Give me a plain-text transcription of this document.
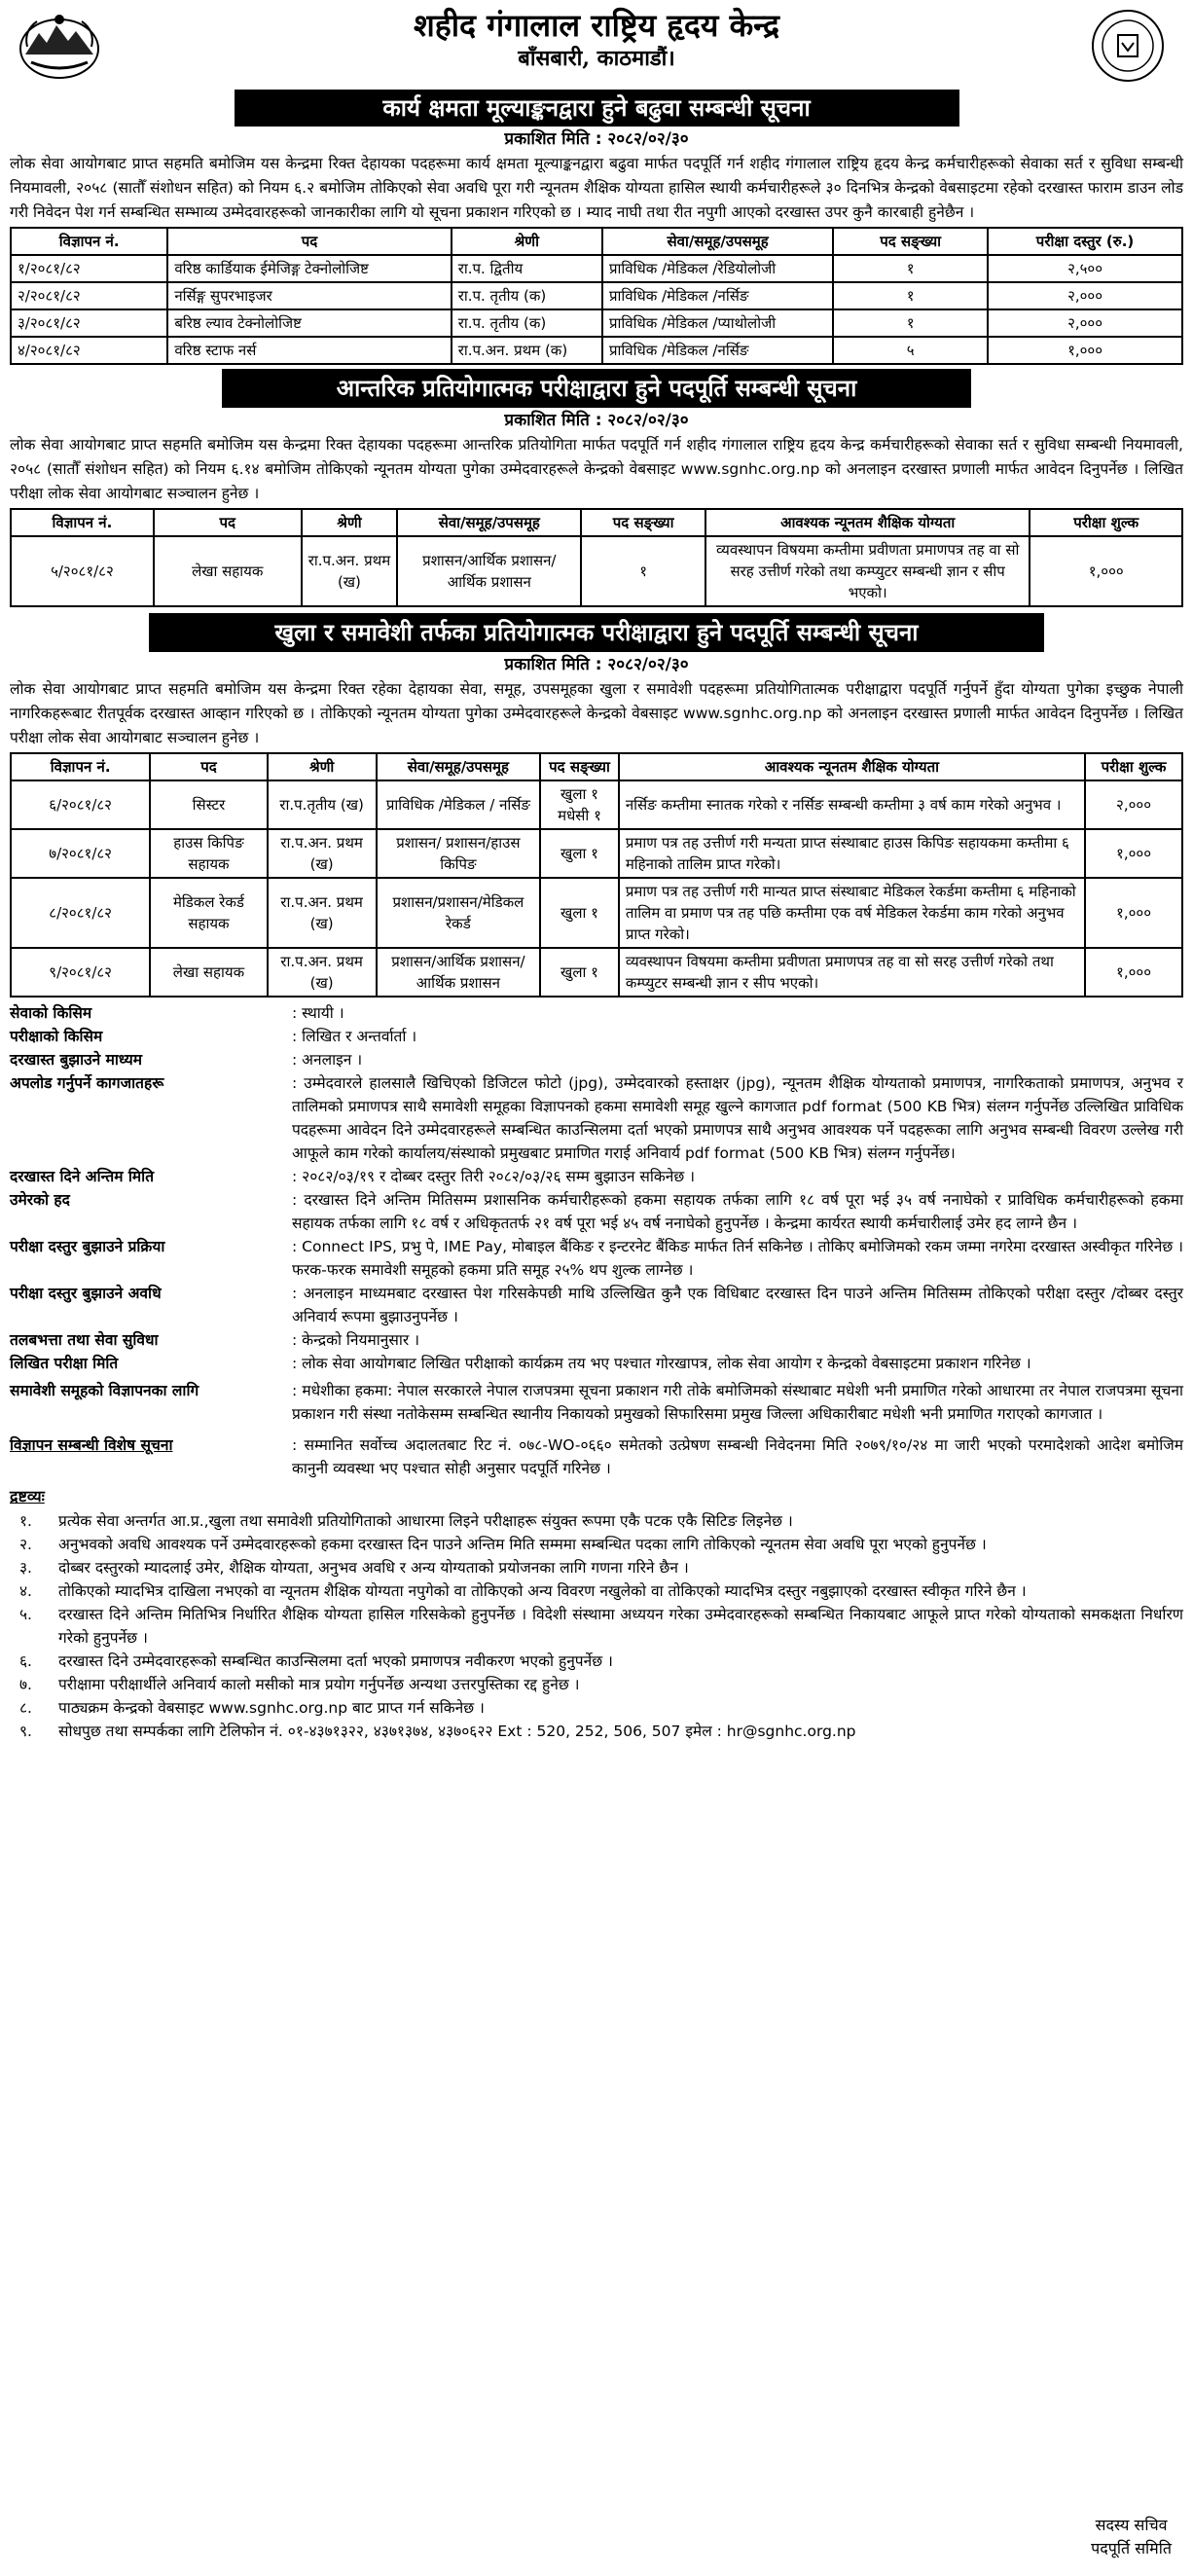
शहीद गंगालाल राष्ट्रिय हृदय केन्द्र
बाँसबारी, काठमाडौं।
कार्य क्षमता मूल्याङ्कनद्वारा हुने बढुवा सम्बन्धी सूचना
प्रकाशित मिति : २०८२/०२/३०
लोक सेवा आयोगबाट प्राप्त सहमति बमोजिम यस केन्द्रमा रिक्त देहायका पदहरूमा कार्य क्षमता मूल्याङ्कनद्वारा बढुवा मार्फत पदपूर्ति गर्न शहीद गंगालाल राष्ट्रिय हृदय केन्द्र कर्मचारीहरूको सेवाका सर्त र सुविधा सम्बन्धी नियमावली, २०५८ (सातौँ संशोधन सहित) को नियम ६.२ बमोजिम तोकिएको सेवा अवधि पूरा गरी न्यूनतम शैक्षिक योग्यता हासिल स्थायी कर्मचारीहरूले ३० दिनभित्र केन्द्रको वेबसाइटमा रहेको दरखास्त फाराम डाउन लोड गरी निवेदन पेश गर्न सम्बन्धित सम्भाव्य उम्मेदवारहरूको जानकारीका लागि यो सूचना प्रकाशन गरिएको छ । म्याद नाघी तथा रीत नपुगी आएको दरखास्त उपर कुनै कारबाही हुनेछैन ।
विज्ञापन नं.	पद	श्रेणी	सेवा/समूह/उपसमूह	पद सङ्ख्या	परीक्षा दस्तुर (रु.)
१/२०८१/८२	वरिष्ठ कार्डियाक ईमेजिङ्ग टेक्नोलोजिष्ट	रा.प. द्वितीय	प्राविधिक /मेडिकल /रेडियोलोजी	१	२,५००
२/२०८१/८२	नर्सिङ्ग सुपरभाइजर	रा.प. तृतीय (क)	प्राविधिक /मेडिकल /नर्सिङ	१	२,०००
३/२०८१/८२	बरिष्ठ ल्याव टेक्नोलोजिष्ट	रा.प. तृतीय (क)	प्राविधिक /मेडिकल /प्याथोलोजी	१	२,०००
४/२०८१/८२	वरिष्ठ स्टाफ नर्स	रा.प.अन. प्रथम (क)	प्राविधिक /मेडिकल /नर्सिङ	५	१,०००
आन्तरिक प्रतियोगात्मक परीक्षाद्वारा हुने पदपूर्ति सम्बन्धी सूचना
प्रकाशित मिति : २०८२/०२/३०
लोक सेवा आयोगबाट प्राप्त सहमति बमोजिम यस केन्द्रमा रिक्त देहायका पदहरूमा आन्तरिक प्रतियोगिता मार्फत पदपूर्ति गर्न शहीद गंगालाल राष्ट्रिय हृदय केन्द्र कर्मचारीहरूको सेवाका सर्त र सुविधा सम्बन्धी नियमावली, २०५८ (सातौँ संशोधन सहित) को नियम ६.१४ बमोजिम तोकिएको न्यूनतम योग्यता पुगेका उम्मेदवारहरूले केन्द्रको वेबसाइट www.sgnhc.org.np को अनलाइन दरखास्त प्रणाली मार्फत आवेदन दिनुपर्नेछ । लिखित परीक्षा लोक सेवा आयोगबाट सञ्चालन हुनेछ ।
विज्ञापन नं.	पद	श्रेणी	सेवा/समूह/उपसमूह	पद सङ्ख्या	आवश्यक न्यूनतम शैक्षिक योग्यता	परीक्षा शुल्क
५/२०८१/८२	लेखा सहायक	रा.प.अन. प्रथम (ख)	प्रशासन/आर्थिक प्रशासन/ आर्थिक प्रशासन	१	व्यवस्थापन विषयमा कम्तीमा प्रवीणता प्रमाणपत्र तह वा सो सरह उत्तीर्ण गरेको तथा कम्प्युटर सम्बन्धी ज्ञान र सीप भएको।	१,०००
खुला र समावेशी तर्फका प्रतियोगात्मक परीक्षाद्वारा हुने पदपूर्ति सम्बन्धी सूचना
प्रकाशित मिति : २०८२/०२/३०
लोक सेवा आयोगबाट प्राप्त सहमति बमोजिम यस केन्द्रमा रिक्त रहेका देहायका सेवा, समूह, उपसमूहका खुला र समावेशी पदहरूमा प्रतियोगितात्मक परीक्षाद्वारा पदपूर्ति गर्नुपर्ने हुँदा योग्यता पुगेका इच्छुक नेपाली नागरिकहरूबाट रीतपूर्वक दरखास्त आव्हान गरिएको छ । तोकिएको न्यूनतम योग्यता पुगेका उम्मेदवारहरूले केन्द्रको वेबसाइट www.sgnhc.org.np को अनलाइन दरखास्त प्रणाली मार्फत आवेदन दिनुपर्नेछ । लिखित परीक्षा लोक सेवा आयोगबाट सञ्चालन हुनेछ ।
विज्ञापन नं.	पद	श्रेणी	सेवा/समूह/उपसमूह	पद सङ्ख्या	आवश्यक न्यूनतम शैक्षिक योग्यता	परीक्षा शुल्क
६/२०८१/८२	सिस्टर	रा.प.तृतीय (ख)	प्राविधिक /मेडिकल / नर्सिङ	खुला १ मधेसी १	नर्सिङ कम्तीमा स्नातक गरेको र नर्सिङ सम्बन्धी कम्तीमा ३ वर्ष काम गरेको अनुभव ।	२,०००
७/२०८१/८२	हाउस किपिङ सहायक	रा.प.अन. प्रथम (ख)	प्रशासन/ प्रशासन/हाउस किपिङ	खुला १	प्रमाण पत्र तह उत्तीर्ण गरी मन्यता प्राप्त संस्थाबाट हाउस किपिङ सहायकमा कम्तीमा ६ महिनाको तालिम प्राप्त गरेको।	१,०००
८/२०८१/८२	मेडिकल रेकर्ड सहायक	रा.प.अन. प्रथम (ख)	प्रशासन/प्रशासन/मेडिकल रेकर्ड	खुला १	प्रमाण पत्र तह उत्तीर्ण गरी मान्यत प्राप्त संस्थाबाट मेडिकल रेकर्डमा कम्तीमा ६ महिनाको तालिम वा प्रमाण पत्र तह पछि कम्तीमा एक वर्ष मेडिकल रेकर्डमा काम गरेको अनुभव प्राप्त गरेको।	१,०००
९/२०८१/८२	लेखा सहायक	रा.प.अन. प्रथम (ख)	प्रशासन/आर्थिक प्रशासन/ आर्थिक प्रशासन	खुला १	व्यवस्थापन विषयमा कम्तीमा प्रवीणता प्रमाणपत्र तह वा सो सरह उत्तीर्ण गरेको तथा कम्प्युटर सम्बन्धी ज्ञान र सीप भएको।	१,०००
सेवाको किसिम	: स्थायी ।
परीक्षाको किसिम	: लिखित र अन्तर्वार्ता ।
दरखास्त बुझाउने माध्यम	: अनलाइन ।
अपलोड गर्नुपर्ने कागजातहरू	: उम्मेदवारले हालसालै खिचिएको डिजिटल फोटो (jpg), उम्मेदवारको हस्ताक्षर (jpg), न्यूनतम शैक्षिक योग्यताको प्रमाणपत्र, नागरिकताको प्रमाणपत्र, अनुभव र तालिमको प्रमाणपत्र साथै समावेशी समूहका विज्ञापनको हकमा समावेशी समूह खुल्ने कागजात pdf format (500 KB भित्र) संलग्न गर्नुपर्नेछ उल्लिखित प्राविधिक पदहरूमा आवेदन दिने उम्मेदवारहरूले सम्बन्धित काउन्सिलमा दर्ता भएको प्रमाणपत्र साथै अनुभव आवश्यक पर्ने पदहरूका लागि अनुभव सम्बन्धी विवरण उल्लेख गरी आफूले काम गरेको कार्यालय/संस्थाको प्रमुखबाट प्रमाणित गराई अनिवार्य pdf format (500 KB भित्र) संलग्न गर्नुपर्नेछ।
दरखास्त दिने अन्तिम मिति	: २०८२/०३/१९ र दोब्बर दस्तुर तिरी २०८२/०३/२६ सम्म बुझाउन सकिनेछ ।
उमेरको हद	: दरखास्त दिने अन्तिम मितिसम्म प्रशासनिक कर्मचारीहरूको हकमा सहायक तर्फका लागि १८ वर्ष पूरा भई ३५ वर्ष ननाघेको र प्राविधिक कर्मचारीहरूको हकमा सहायक तर्फका लागि १८ वर्ष र अधिकृततर्फ २१ वर्ष पूरा भई ४५ वर्ष ननाघेको हुनुपर्नेछ । केन्द्रमा कार्यरत स्थायी कर्मचारीलाई उमेर हद लाग्ने छैन ।
परीक्षा दस्तुर बुझाउने प्रक्रिया	: Connect IPS, प्रभु पे, IME Pay, मोबाइल बैंकिङ र इन्टरनेट बैंकिङ मार्फत तिर्न सकिनेछ । तोकिए बमोजिमको रकम जम्मा नगरेमा दरखास्त अस्वीकृत गरिनेछ । फरक-फरक समावेशी समूहको हकमा प्रति समूह २५% थप शुल्क लाग्नेछ ।
परीक्षा दस्तुर बुझाउने अवधि	: अनलाइन माध्यमबाट दरखास्त पेश गरिसकेपछी माथि उल्लिखित कुनै एक विधिबाट दरखास्त दिन पाउने अन्तिम मितिसम्म तोकिएको परीक्षा दस्तुर /दोब्बर दस्तुर अनिवार्य रूपमा बुझाउनुपर्नेछ ।
तलबभत्ता तथा सेवा सुविधा	: केन्द्रको नियमानुसार ।
लिखित परीक्षा मिति	: लोक सेवा आयोगबाट लिखित परीक्षाको कार्यक्रम तय भए पश्चात गोरखापत्र, लोक सेवा आयोग र केन्द्रको वेबसाइटमा प्रकाशन गरिनेछ ।
समावेशी समूहको विज्ञापनका लागि	: मधेशीका हकमा: नेपाल सरकारले नेपाल राजपत्रमा सूचना प्रकाशन गरी तोके बमोजिमको संस्थाबाट मधेशी भनी प्रमाणित गरेको आधारमा तर नेपाल राजपत्रमा सूचना प्रकाशन गरी संस्था नतोकेसम्म सम्बन्धित स्थानीय निकायको प्रमुखको सिफारिसमा प्रमुख जिल्ला अधिकारीबाट मधेशी भनी प्रमाणित गराएको कागजात ।
विज्ञापन सम्बन्धी विशेष सूचना	: सम्मानित सर्वोच्च अदालतबाट रिट नं. ०७८-WO-०६६० समेतको उत्प्रेषण सम्बन्धी निवेदनमा मिति २०७९/१०/२४ मा जारी भएको परमादेशको आदेश बमोजिम कानुनी व्यवस्था भए पश्चात सोही अनुसार पदपूर्ति गरिनेछ ।
द्रष्टव्यः
१.	प्रत्येक सेवा अन्तर्गत आ.प्र.,खुला तथा समावेशी प्रतियोगिताको आधारमा लिइने परीक्षाहरू संयुक्त रूपमा एकै पटक एकै सिटिङ लिइनेछ ।
२.	अनुभवको अवधि आवश्यक पर्ने उम्मेदवारहरूको हकमा दरखास्त दिन पाउने अन्तिम मिति सम्ममा सम्बन्धित पदका लागि तोकिएको न्यूनतम सेवा अवधि पूरा भएको हुनुपर्नेछ ।
३.	दोब्बर दस्तुरको म्यादलाई उमेर, शैक्षिक योग्यता, अनुभव अवधि र अन्य योग्यताको प्रयोजनका लागि गणना गरिने छैन ।
४.	तोकिएको म्यादभित्र दाखिला नभएको वा न्यूनतम शैक्षिक योग्यता नपुगेको वा तोकिएको अन्य विवरण नखुलेको वा तोकिएको म्यादभित्र दस्तुर नबुझाएको दरखास्त स्वीकृत गरिने छैन ।
५.	दरखास्त दिने अन्तिम मितिभित्र निर्धारित शैक्षिक योग्यता हासिल गरिसकेको हुनुपर्नेछ । विदेशी संस्थामा अध्ययन गरेका उम्मेदवारहरूको सम्बन्धित निकायबाट आफूले प्राप्त गरेको योग्यताको समकक्षता निर्धारण गरेको हुनुपर्नेछ ।
६.	दरखास्त दिने उम्मेदवारहरूको सम्बन्धित काउन्सिलमा दर्ता भएको प्रमाणपत्र नवीकरण भएको हुनुपर्नेछ ।
७.	परीक्षामा परीक्षार्थीले अनिवार्य कालो मसीको मात्र प्रयोग गर्नुपर्नेछ अन्यथा उत्तरपुस्तिका रद्द हुनेछ ।
८.	पाठ्यक्रम केन्द्रको वेबसाइट www.sgnhc.org.np बाट प्राप्त गर्न सकिनेछ ।
९.	सोधपुछ तथा सम्पर्कका लागि टेलिफोन नं. ०१-४३७१३२२, ४३७१३७४, ४३७०६२२ Ext : 520, 252, 506, 507 इमेल : hr@sgnhc.org.np
सदस्य सचिव
पदपूर्ति समिति
